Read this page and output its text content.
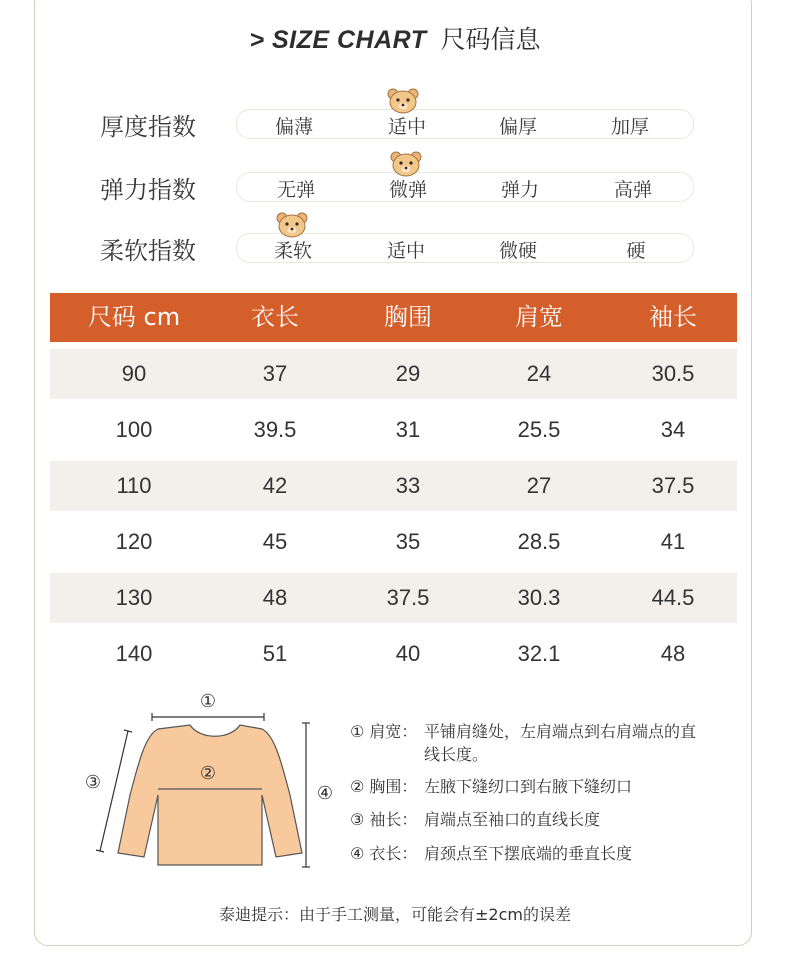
> SIZE CHART 尺码信息
厚度指数	偏薄	适中	偏厚	加厚
弹力指数	无弹	微弹	弹力	高弹
柔软指数	柔软	适中	微硬	硬
尺码 cm	衣长	胸围	肩宽	袖长
90	37	29	24	30.5
100	39.5	31	25.5	34
110	42	33	27	37.5
120	45	35	28.5	41
130	48	37.5	30.3	44.5
140	51	40	32.1	48
①
②
③
④
① 肩宽： 平铺肩缝处，左肩端点到右肩端点的直线长度。
② 胸围： 左腋下缝纫口到右腋下缝纫口
③ 袖长： 肩端点至袖口的直线长度
④ 衣长： 肩颈点至下摆底端的垂直长度
泰迪提示：由于手工测量，可能会有±2cm的误差
